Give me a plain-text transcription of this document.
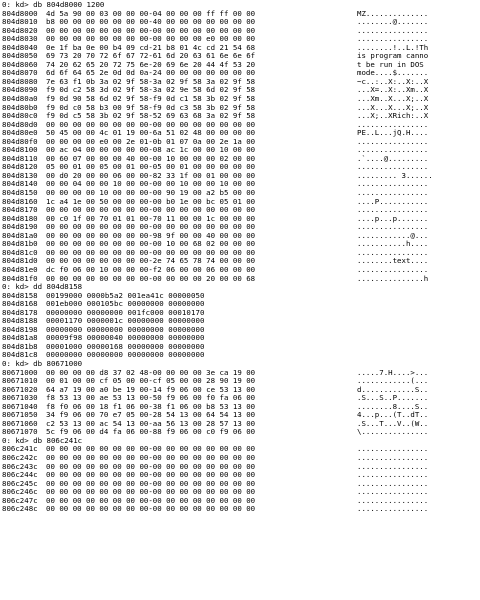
0: kd> db 804d8000 1200
804d8000 4d 5a 90 00 03 00 00 00-04 00 00 00 ff ff 00 00	MZ..............
804d8010 b8 00 00 00 00 00 00 00-40 00 00 00 00 00 00 00	........@.......
804d8020 00 00 00 00 00 00 00 00-00 00 00 00 00 00 00 00	................
804d8030 00 00 00 00 00 00 00 00-00 00 00 00 e0 00 00 00	................
804d8040 0e 1f ba 0e 00 b4 09 cd-21 b8 01 4c cd 21 54 68	........!..L.!Th
804d8050 69 73 20 70 72 6f 67 72-61 6d 20 63 61 6e 6e 6f	is program canno
804d8060 74 20 62 65 20 72 75 6e-20 69 6e 20 44 4f 53 20	t be run in DOS
804d8070 6d 6f 64 65 2e 0d 0d 0a-24 00 00 00 00 00 00 00	mode....$.......
804d8080 7e 63 f1 0b 3a 02 9f 58-3a 02 9f 58 3a 02 9f 58	~c..:..X:..X:..X
804d8090 f9 0d c2 58 3d 02 9f 58-3a 02 9e 58 6d 02 9f 58	...X=..X:..Xm..X
804d80a0 f9 0d 90 58 6d 02 9f 58-f9 0d c1 58 3b 02 9f 58	...Xm..X...X;..X
804d80b0 f9 0d c0 58 b3 00 9f 58-f9 0d c3 58 3b 02 9f 58	...X...X...X;..X
804d80c0 f9 0d c5 58 3b 02 9f 58-52 69 63 68 3a 02 9f 58	...X;..XRich:..X
804d80d0 00 00 00 00 00 00 00 00-00 00 00 00 00 00 00 00	................
804d80e0 50 45 00 00 4c 01 19 00-6a 51 02 48 00 00 00 00	PE..L...jQ.H....
804d80f0 00 00 00 00 e0 00 2e 01-0b 01 07 0a 00 2e 1a 00	................
804d8100 00 ac 04 00 00 00 00 00-08 ac 1c 00 00 10 00 00	................
804d8110 00 60 07 00 00 00 40 00-00 10 00 00 00 02 00 00	.`....@.........
804d8120 05 00 01 00 05 00 01 00-05 00 01 00 00 00 00 00	................
804d8130 00 d0 20 00 00 06 00 00-82 33 1f 00 01 00 00 00	......... 3......
804d8140 00 00 04 00 00 10 00 00-00 00 10 00 00 10 00 00	................
804d8150 00 00 00 00 10 00 00 00-00 90 19 00 a2 b5 00 00	................
804d8160 1c a4 1e 00 50 00 00 00-00 b0 1e 00 bc 05 01 00	....P...........
804d8170 00 00 00 00 00 00 00 00-00 00 00 00 00 00 00 00	................
804d8180 00 c0 1f 00 70 01 01 00-70 11 00 00 1c 00 00 00	....p...p.......
804d8190 00 00 00 00 00 00 00 00-00 00 00 00 00 00 00 00	................
804d81a0 00 00 00 00 00 00 00 00-98 9f 00 00 40 00 00 00	............@...
804d81b0 00 00 00 00 00 00 00 00-00 10 00 68 02 00 00 00	...........h....
804d81c0 00 00 00 00 00 00 00 00-00 00 00 00 00 00 00 00	................
804d81d0 00 00 00 00 00 00 00 00-2e 74 65 78 74 00 00 00	........text....
804d81e0 dc f0 06 00 10 00 00 00-f2 06 00 00 06 00 00 00	................
804d81f0 00 00 00 00 00 00 00 00-00 00 00 00 20 00 00 68	...............h
0: kd> dd 804d8158
804d8158 00199000 0000b5a2 001ea41c 00000050
804d8168 001eb000 000105bc 00000000 00000000
804d8178 00000000 00000000 001fc000 00010170
804d8188 00001170 0000001c 00000000 00000000
804d8198 00000000 00000000 00000000 00000000
804d81a8 00009f98 00000040 00000000 00000000
804d81b8 00001000 00000168 00000000 00000000
804d81c8 00000000 00000000 00000000 00000000
0: kd> db 80671000
80671000 00 00 00 00 d8 37 02 48-00 00 00 00 3e ca 19 00	.....7.H....>...
80671010 00 01 00 00 cf 05 00 00-cf 05 00 00 28 90 19 00	............(...
80671020 64 a7 19 00 a0 be 19 00-14 f9 06 00 ce 53 13 00	d............S..
80671030 f8 53 13 00 ae 53 13 00-50 f9 06 00 f0 fa 06 00	.S...S..P.......
80671040 f8 f0 06 00 18 f1 06 00-38 f1 06 00 b8 53 13 00	........8....S..
80671050 34 f9 06 00 70 e7 05 00-28 54 13 00 64 54 13 00	4...p...(T..dT..
80671060 c2 53 13 00 ac 54 13 00-aa 56 13 00 28 57 13 00	.S...T...V..(W..
80671070 5c f9 06 00 d4 fa 06 00-88 f9 06 00 c0 f9 06 00	\...............
0: kd> db 806c241c
806c241c 00 00 00 00 00 00 00 00-00 00 00 00 00 00 00 00	................
806c242c 00 00 00 00 00 00 00 00-00 00 00 00 00 00 00 00	................
806c243c 00 00 00 00 00 00 00 00-00 00 00 00 00 00 00 00	................
806c244c 00 00 00 00 00 00 00 00-00 00 00 00 00 00 00 00	................
806c245c 00 00 00 00 00 00 00 00-00 00 00 00 00 00 00 00	................
806c246c 00 00 00 00 00 00 00 00-00 00 00 00 00 00 00 00	................
806c247c 00 00 00 00 00 00 00 00-00 00 00 00 00 00 00 00	................
806c248c 00 00 00 00 00 00 00 00-00 00 00 00 00 00 00 00	................
